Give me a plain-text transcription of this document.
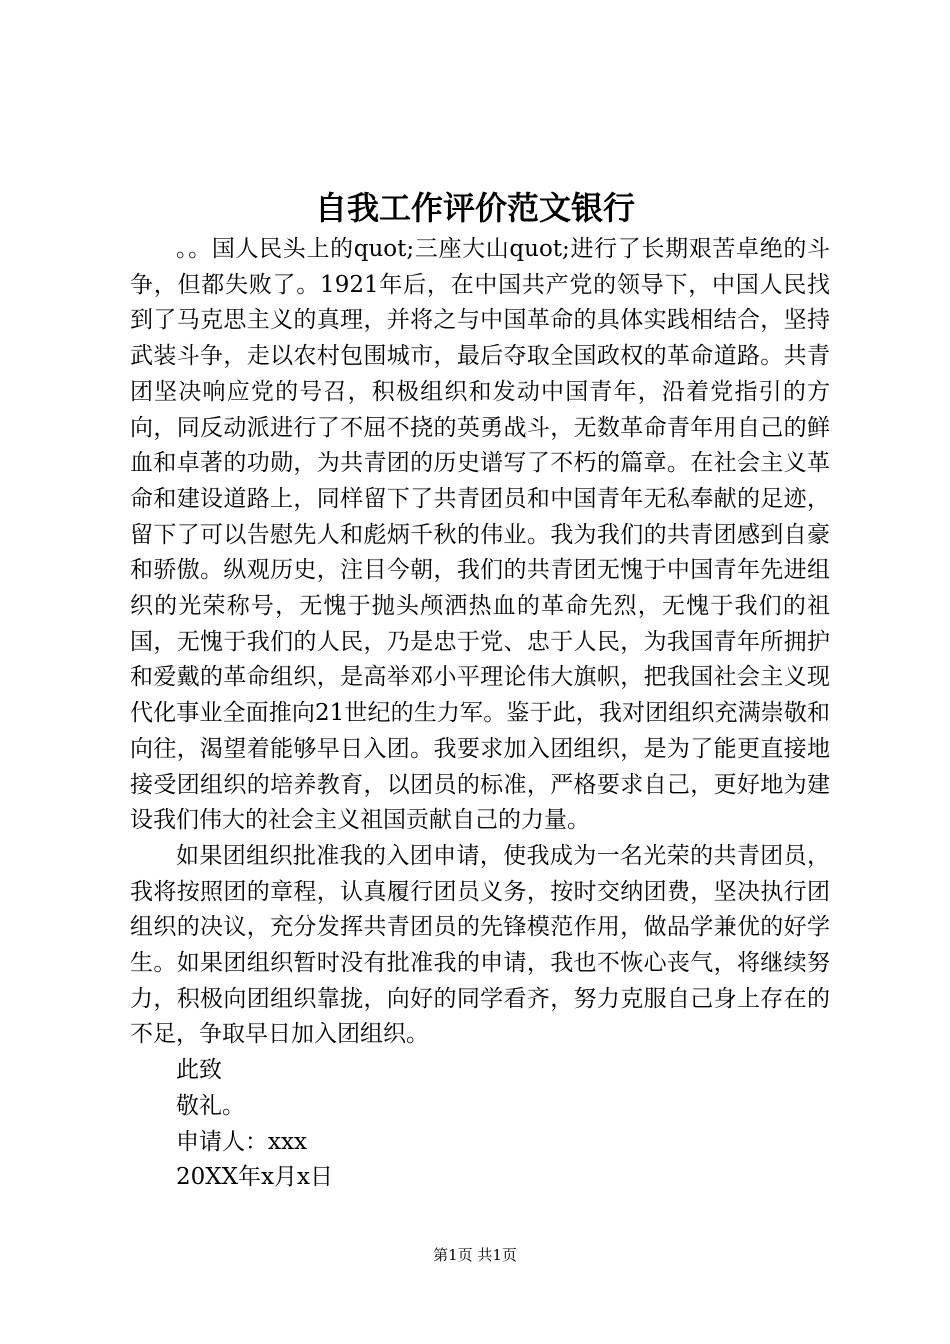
自我工作评价范文银行

。。国人民头上的quot;三座大山quot;进行了长期艰苦卓绝的斗争，但都失败了。1921年后，在中国共产党的领导下，中国人民找到了马克思主义的真理，并将之与中国革命的具体实践相结合，坚持武装斗争，走以农村包围城市，最后夺取全国政权的革命道路。共青团坚决响应党的号召，积极组织和发动中国青年，沿着党指引的方向，同反动派进行了不屈不挠的英勇战斗，无数革命青年用自己的鲜血和卓著的功勋，为共青团的历史谱写了不朽的篇章。在社会主义革命和建设道路上，同样留下了共青团员和中国青年无私奉献的足迹，留下了可以告慰先人和彪炳千秋的伟业。我为我们的共青团感到自豪和骄傲。纵观历史，注目今朝，我们的共青团无愧于中国青年先进组织的光荣称号，无愧于抛头颅洒热血的革命先烈，无愧于我们的祖国，无愧于我们的人民，乃是忠于党、忠于人民，为我国青年所拥护和爱戴的革命组织，是高举邓小平理论伟大旗帜，把我国社会主义现代化事业全面推向21世纪的生力军。鉴于此，我对团组织充满崇敬和向往，渴望着能够早日入团。我要求加入团组织，是为了能更直接地接受团组织的培养教育，以团员的标准，严格要求自己，更好地为建设我们伟大的社会主义祖国贡献自己的力量。

如果团组织批准我的入团申请，使我成为一名光荣的共青团员，我将按照团的章程，认真履行团员义务，按时交纳团费，坚决执行团组织的决议，充分发挥共青团员的先锋模范作用，做品学兼优的好学生。如果团组织暂时没有批准我的申请，我也不恢心丧气，将继续努力，积极向团组织靠拢，向好的同学看齐，努力克服自己身上存在的不足，争取早日加入团组织。

此致

敬礼。

申请人：xxx

20XX年x月x日

第1页 共1页
